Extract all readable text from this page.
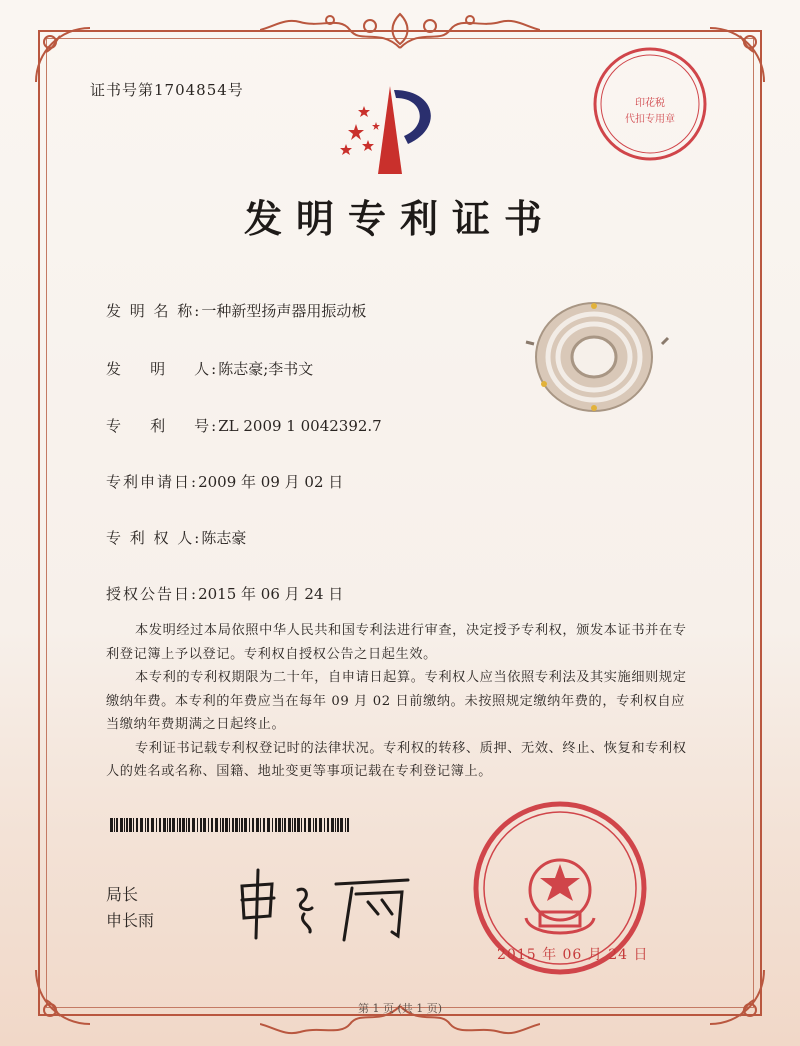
证书号第1704854号
印花税
代扣专用章
发明专利证书
发 明 名 称:一种新型扬声器用振动板
发    明    人:陈志豪;李书文
专    利    号:ZL 2009 1 0042392.7
专利申请日:2009 年 09 月 02 日
专 利 权 人:陈志豪
授权公告日:2015 年 06 月 24 日

本发明经过本局依照中华人民共和国专利法进行审查，决定授予专利权，颁发本证书并在专利登记簿上予以登记。专利权自授权公告之日起生效。

本专利的专利权期限为二十年，自申请日起算。专利权人应当依照专利法及其实施细则规定缴纳年费。本专利的年费应当在每年 09 月 02 日前缴纳。未按照规定缴纳年费的，专利权自应当缴纳年费期满之日起终止。

专利证书记载专利权登记时的法律状况。专利权的转移、质押、无效、终止、恢复和专利权人的姓名或名称、国籍、地址变更等事项记载在专利登记簿上。

局长
申长雨
2015 年 06 月 24 日
第 1 页 (共 1 页)
